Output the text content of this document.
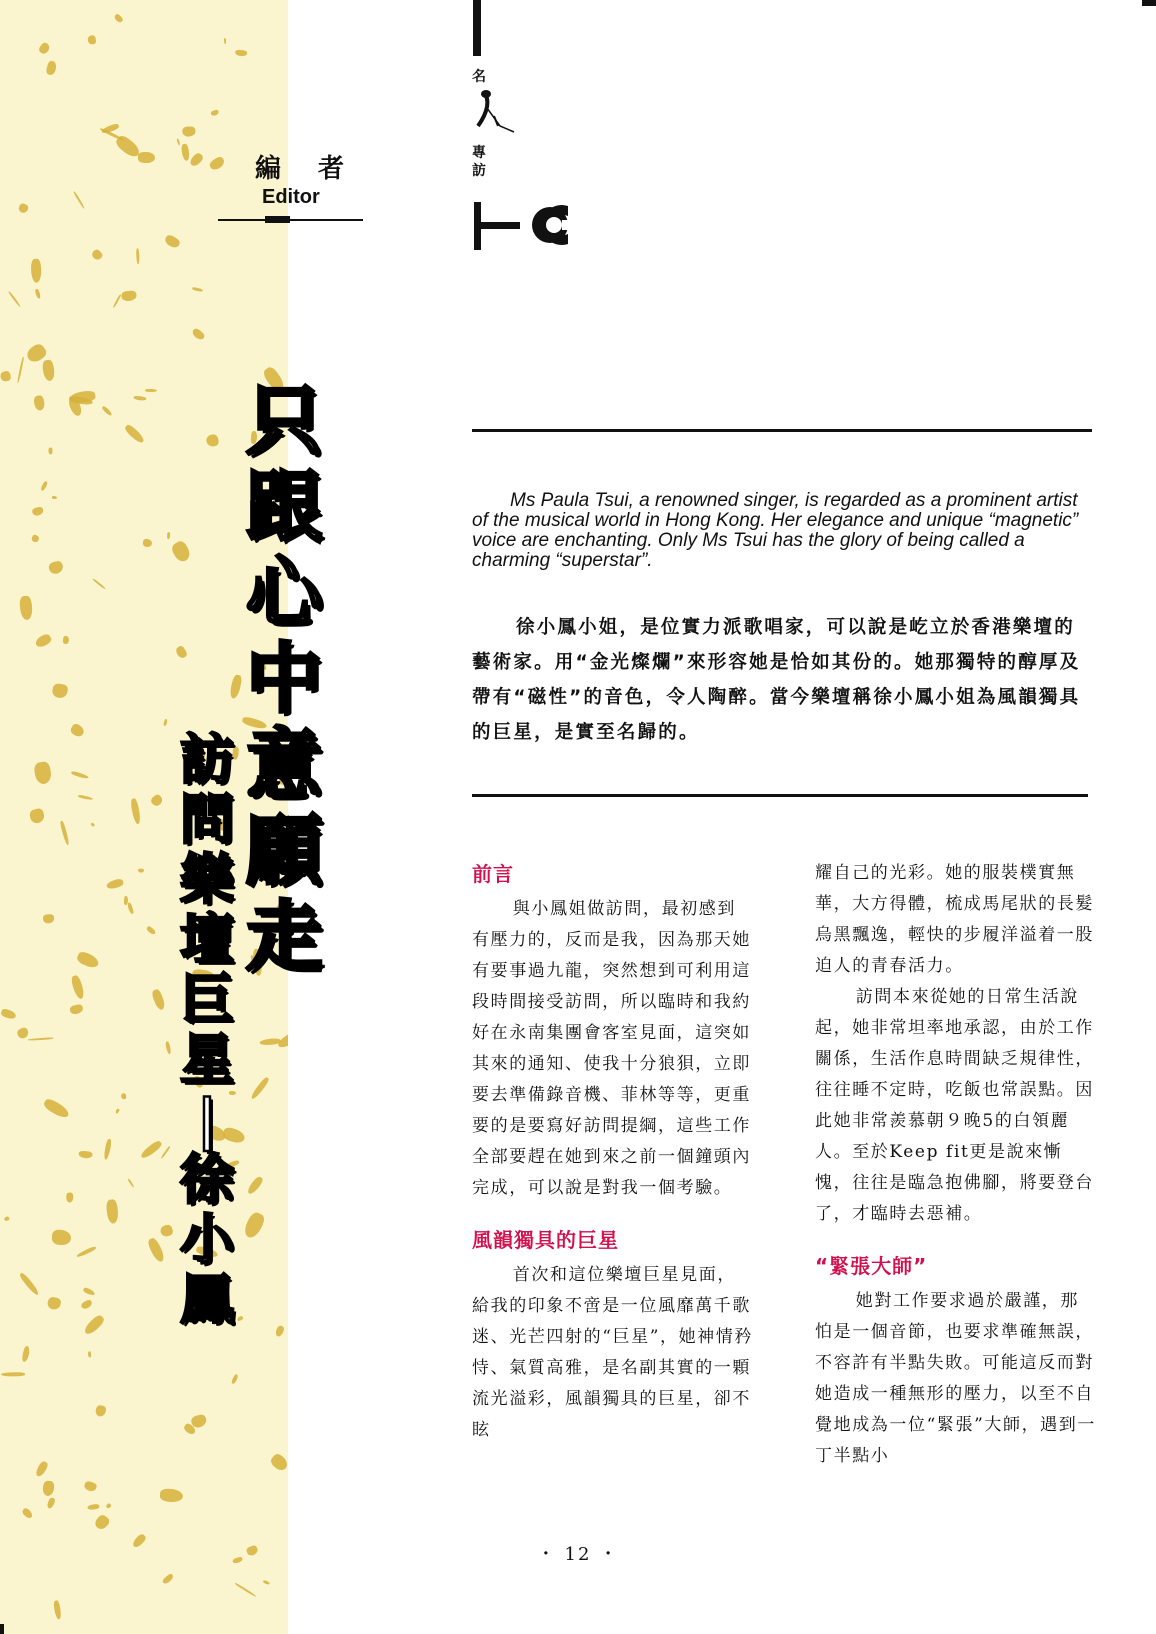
編 者
Editor
只
跟
心
中
意
願
走
訪
問
樂
壇
巨
星
|
徐
小
鳳
名
專
訪
Ms Paula Tsui, a renowned singer, is regarded as a prominent artist of the musical world in Hong Kong. Her elegance and unique “magnetic” voice are enchanting. Only Ms Tsui has the glory of being called a charming “superstar”.
徐小鳳小姐，是位實力派歌唱家，可以說是屹立於香港樂壇的藝術家。用“金光燦爛”來形容她是恰如其份的。她那獨特的醇厚及帶有“磁性”的音色，令人陶醉。當今樂壇稱徐小鳳小姐為風韻獨具的巨星，是實至名歸的。
前言

與小鳳姐做訪問，最初感到有壓力的，反而是我，因為那天她有要事過九龍，突然想到可利用這段時間接受訪問，所以臨時和我約好在永南集團會客室見面，這突如其來的通知、使我十分狼狽，立即要去準備錄音機、菲林等等，更重要的是要寫好訪問提綱，這些工作全部要趕在她到來之前一個鐘頭內完成，可以說是對我一個考驗。

風韻獨具的巨星

首次和這位樂壇巨星見面，給我的印象不啻是一位風靡萬千歌迷、光芒四射的“巨星”，她神情矜恃、氣質高雅，是名副其實的一顆流光溢彩，風韻獨具的巨星，卻不眩

耀自己的光彩。她的服裝樸實無華，大方得體，梳成馬尾狀的長髮烏黑飄逸，輕快的步履洋溢着一股迫人的青春活力。

訪問本來從她的日常生活說起，她非常坦率地承認，由於工作關係，生活作息時間缺乏規律性，往往睡不定時，吃飯也常誤點。因此她非常羨慕朝９晚5的白領麗人。至於Keep fit更是說來慚愧，往往是臨急抱佛腳，將要登台了，才臨時去惡補。

“緊張大師”

她對工作要求過於嚴謹，那怕是一個音節，也要求準確無誤，不容許有半點失敗。可能這反而對她造成一種無形的壓力，以至不自覺地成為一位“緊張”大師，遇到一丁半點小

・ 12 ・
